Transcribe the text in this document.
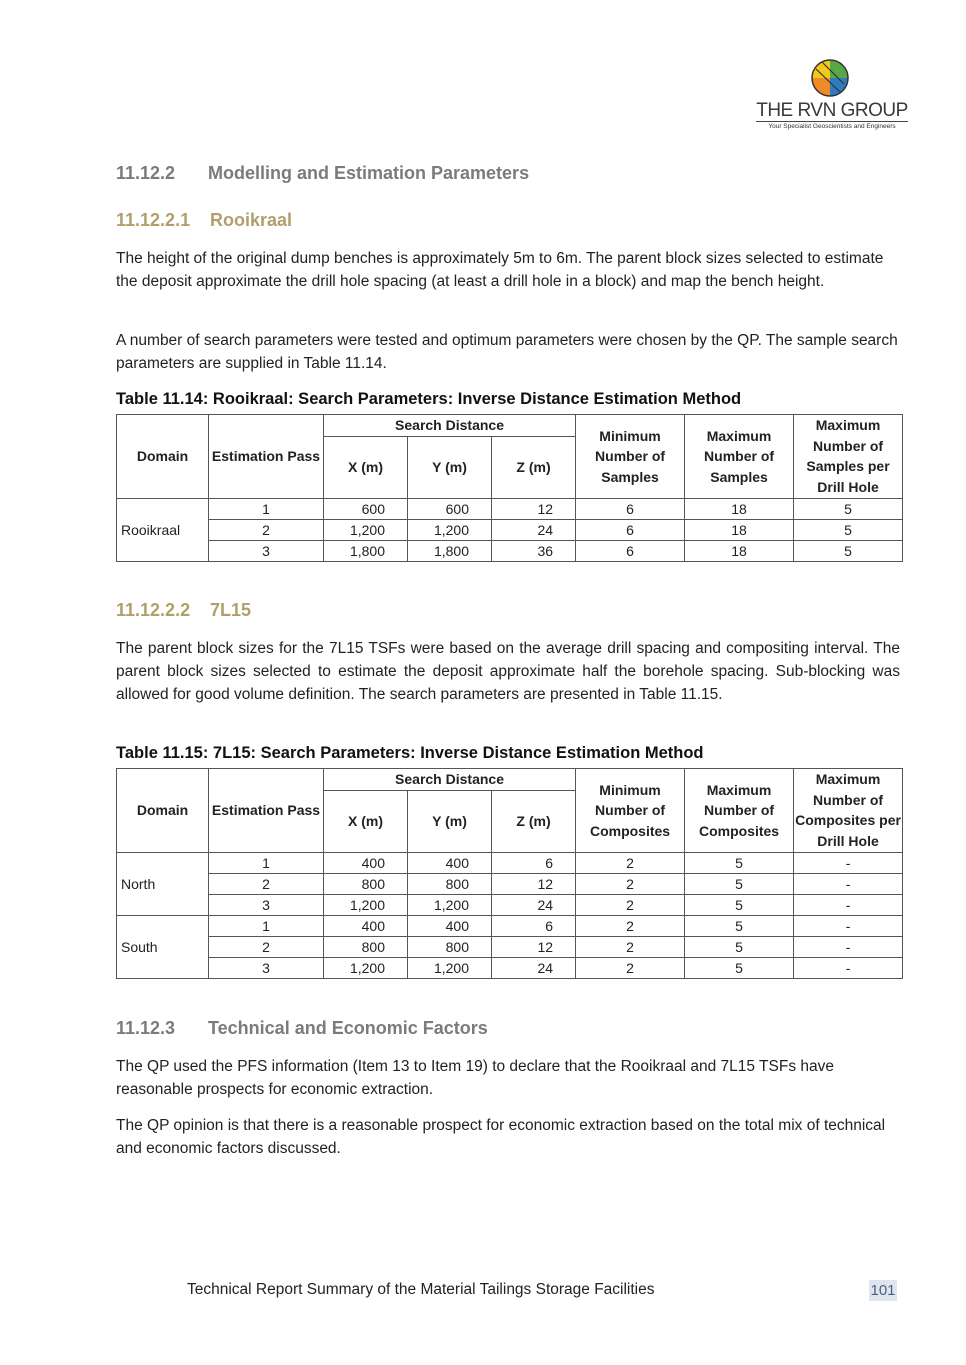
THE RVN GROUP
Your Specialist Geoscientists and Engineers
11.12.2 Modelling and Estimation Parameters
11.12.2.1 Rooikraal

The height of the original dump benches is approximately 5m to 6m. The parent block sizes selected to estimate the deposit approximate the drill hole spacing (at least a drill hole in a block) and map the bench height.

A number of search parameters were tested and optimum parameters were chosen by the QP. The sample search parameters are supplied in Table 11.14.

Table 11.14: Rooikraal: Search Parameters: Inverse Distance Estimation Method
Domain	Estimation Pass	Search Distance			Minimum Number of Samples	Maximum Number of Samples	Maximum Number of Samples per Drill Hole
		X (m)	Y (m)	Z (m)			
Rooikraal	1	600	600	12	6	18	5
	2	1,200	1,200	24	6	18	5
	3	1,800	1,800	36	6	18	5
11.12.2.2 7L15

The parent block sizes for the 7L15 TSFs were based on the average drill spacing and compositing interval. The parent block sizes selected to estimate the deposit approximate half the borehole spacing. Sub-blocking was allowed for good volume definition. The search parameters are presented in Table 11.15.

Table 11.15: 7L15: Search Parameters: Inverse Distance Estimation Method
Domain	Estimation Pass	Search Distance			Minimum Number of Composites	Maximum Number of Composites	Maximum Number of Composites per Drill Hole
		X (m)	Y (m)	Z (m)			
North	1	400	400	6	2	5	-
	2	800	800	12	2	5	-
	3	1,200	1,200	24	2	5	-
South	1	400	400	6	2	5	-
	2	800	800	12	2	5	-
	3	1,200	1,200	24	2	5	-
11.12.3 Technical and Economic Factors

The QP used the PFS information (Item 13 to Item 19) to declare that the Rooikraal and 7L15 TSFs have reasonable prospects for economic extraction.

The QP opinion is that there is a reasonable prospect for economic extraction based on the total mix of technical and economic factors discussed.

Technical Report Summary of the Material Tailings Storage Facilities	101
